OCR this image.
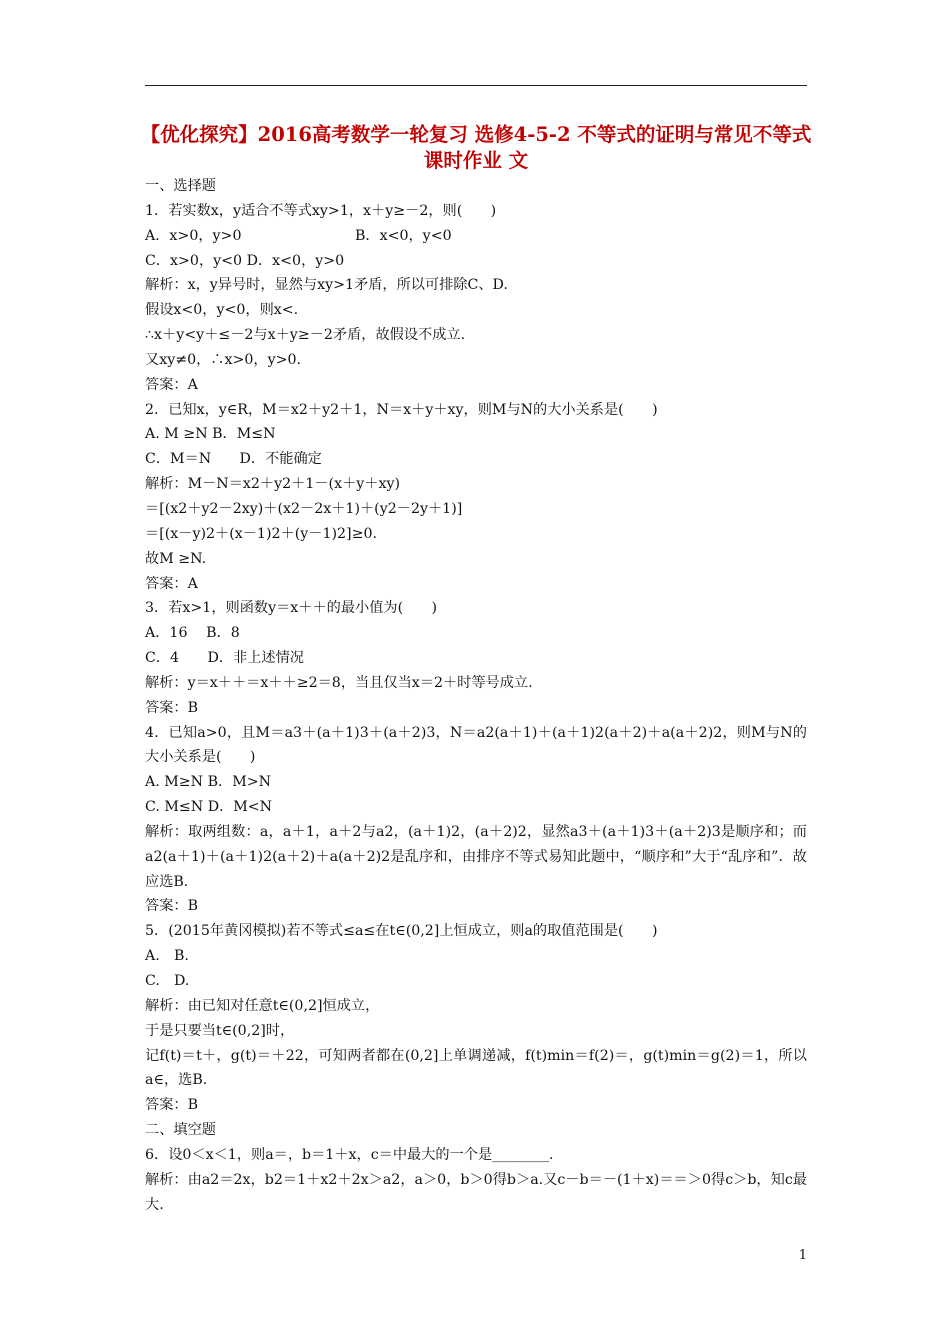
【优化探究】2016高考数学一轮复习 选修4-5-2 不等式的证明与常见不等式课时作业 文
一、选择题
1．若实数x，y适合不等式xy>1，x＋y≥－2，则(　　)
A．x>0，y>0　　　　　　　　B．x<0，y<0
C．x>0，y<0 D．x<0，y>0
解析：x，y异号时，显然与xy>1矛盾，所以可排除C、D.
假设x<0，y<0，则x<.
∴x＋y<y＋≤－2与x＋y≥－2矛盾，故假设不成立.
又xy≠0，∴x>0，y>0.
答案：A
2．已知x，y∈R，M＝x2＋y2＋1，N＝x＋y＋xy，则M与N的大小关系是(　　)
A. M ≥N B．M≤N
C．M＝N　　D．不能确定
解析：M－N＝x2＋y2＋1－(x＋y＋xy)
＝[(x2＋y2－2xy)＋(x2－2x＋1)＋(y2－2y＋1)]
＝[(x－y)2＋(x－1)2＋(y－1)2]≥0.
故M ≥N.
答案：A
3．若x>1，则函数y＝x＋＋的最小值为(　　)
A．16　 B．8
C．4　　D．非上述情况
解析：y＝x＋＋＝x＋＋≥2＝8，当且仅当x＝2＋时等号成立.
答案：B
4．已知a>0，且M＝a3＋(a＋1)3＋(a＋2)3，N＝a2(a＋1)＋(a＋1)2(a＋2)＋a(a＋2)2，则M与N的大小关系是(　　)
A. M≥N B．M>N
C. M≤N D．M<N
解析：取两组数：a，a＋1，a＋2与a2，(a＋1)2，(a＋2)2，显然a3＋(a＋1)3＋(a＋2)3是顺序和；而a2(a＋1)＋(a＋1)2(a＋2)＋a(a＋2)2是乱序和，由排序不等式易知此题中，“顺序和”大于“乱序和”．故应选B.
答案：B
5．(2015年黄冈模拟)若不等式≤a≤在t∈(0,2]上恒成立，则a的取值范围是(　　)
A.　B.
C.　D.
解析：由已知对任意t∈(0,2]恒成立，
于是只要当t∈(0,2]时，
记f(t)＝t＋，g(t)＝＋22，可知两者都在(0,2]上单调递减，f(t)min＝f(2)＝，g(t)min＝g(2)＝1，所以a∈，选B.
答案：B
二、填空题
6．设0＜x＜1，则a＝，b＝1＋x，c＝中最大的一个是________.
解析：由a2＝2x，b2＝1＋x2＋2x＞a2，a＞0，b＞0得b＞a.又c－b＝－(1＋x)＝＝＞0得c＞b，知c最大.
1
